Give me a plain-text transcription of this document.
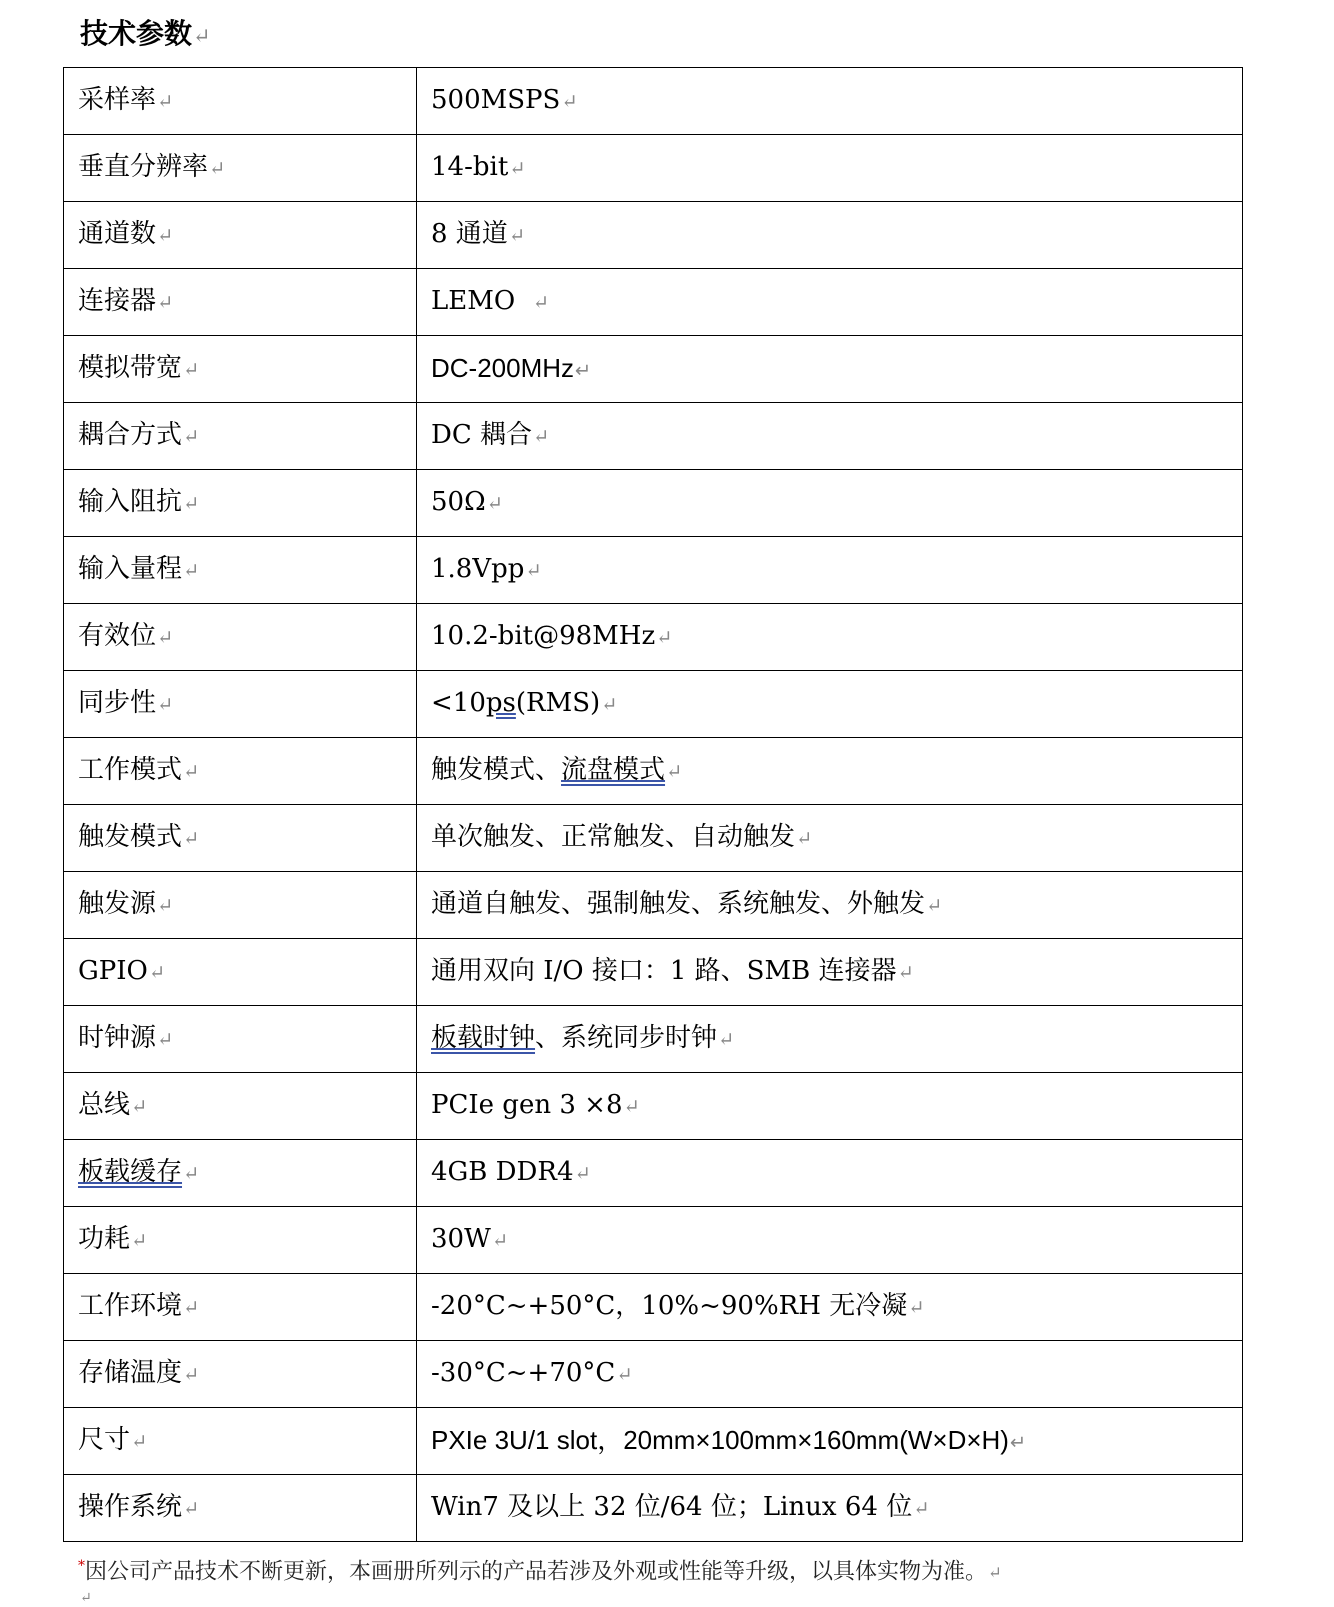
技术参数↵
采样率↵	500MSPS↵
垂直分辨率↵	14-bit↵
通道数↵	8 通道↵
连接器↵	LEMO ↵
模拟带宽↵	DC-200MHz↵
耦合方式↵	DC 耦合↵
输入阻抗↵	50Ω↵
输入量程↵	1.8Vpp↵
有效位↵	10.2-bit@98MHz↵
同步性↵	<10ps(RMS)↵
工作模式↵	触发模式、流盘模式↵
触发模式↵	单次触发、正常触发、自动触发↵
触发源↵	通道自触发、强制触发、系统触发、外触发↵
GPIO↵	通用双向 I/O 接口：1 路、SMB 连接器↵
时钟源↵	板载时钟、系统同步时钟↵
总线↵	PCIe gen 3 ×8↵
板载缓存↵	4GB DDR4↵
功耗↵	30W↵
工作环境↵	-20°C~+50°C，10%~90%RH 无冷凝↵
存储温度↵	-30°C~+70°C↵
尺寸↵	PXIe 3U/1 slot，20mm×100mm×160mm(W×D×H)↵
操作系统↵	Win7 及以上 32 位/64 位；Linux 64 位↵
*因公司产品技术不断更新，本画册所列示的产品若涉及外观或性能等升级，以具体实物为准。↵
↵
